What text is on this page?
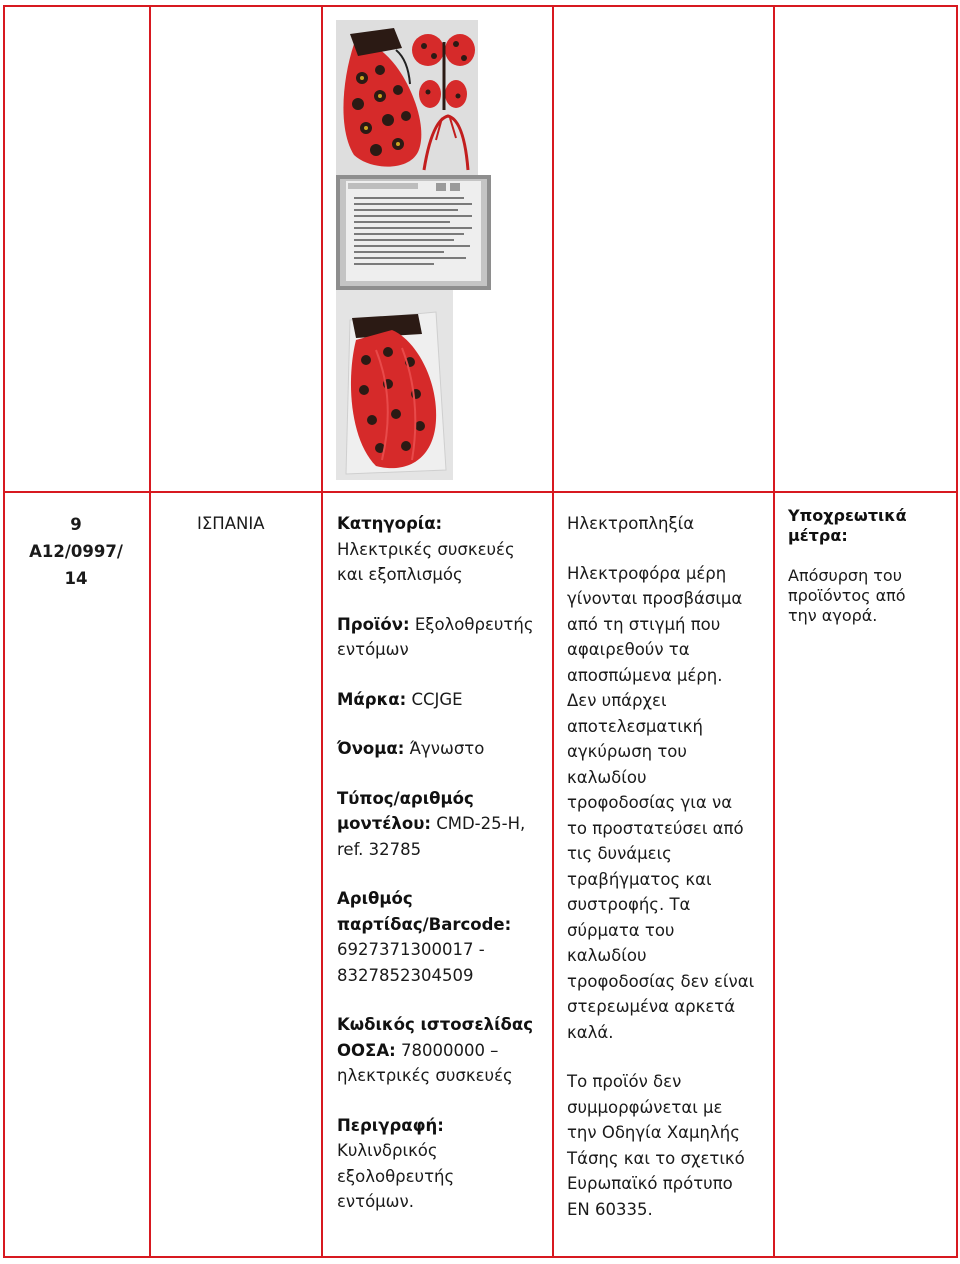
9
A12/0997/
14
ΙΣΠΑΝΙΑ	Κατηγορία:
Ηλεκτρικές συσκευές
και εξοπλισμός
Προϊόν: Εξολοθρευτής
εντόμων
Μάρκα: CCJGE
Όνομα: Άγνωστο
Τύπος/αριθμός
μοντέλου: CMD-25-H,
ref. 32785
Αριθμός
παρτίδας/Barcode:
6927371300017 -
8327852304509
Κωδικός ιστοσελίδας
ΟΟΣΑ: 78000000 –
ηλεκτρικές συσκευές
Περιγραφή:
Κυλινδρικός
εξολοθρευτής
εντόμων.
Ηλεκτροπληξία
Ηλεκτροφόρα μέρη
γίνονται προσβάσιμα
από τη στιγμή που
αφαιρεθούν τα
αποσπώμενα μέρη.
Δεν υπάρχει
αποτελεσματική
αγκύρωση του
καλωδίου
τροφοδοσίας για να
το προστατεύσει από
τις δυνάμεις
τραβήγματος και
συστροφής. Τα
σύρματα του
καλωδίου
τροφοδοσίας δεν είναι
στερεωμένα αρκετά
καλά.
Το προϊόν δεν
συμμορφώνεται με
την Οδηγία Χαμηλής
Τάσης και το σχετικό
Ευρωπαϊκό πρότυπο
EN 60335.
Υποχρεωτικά
μέτρα:
Απόσυρση του
προϊόντος από
την αγορά.
